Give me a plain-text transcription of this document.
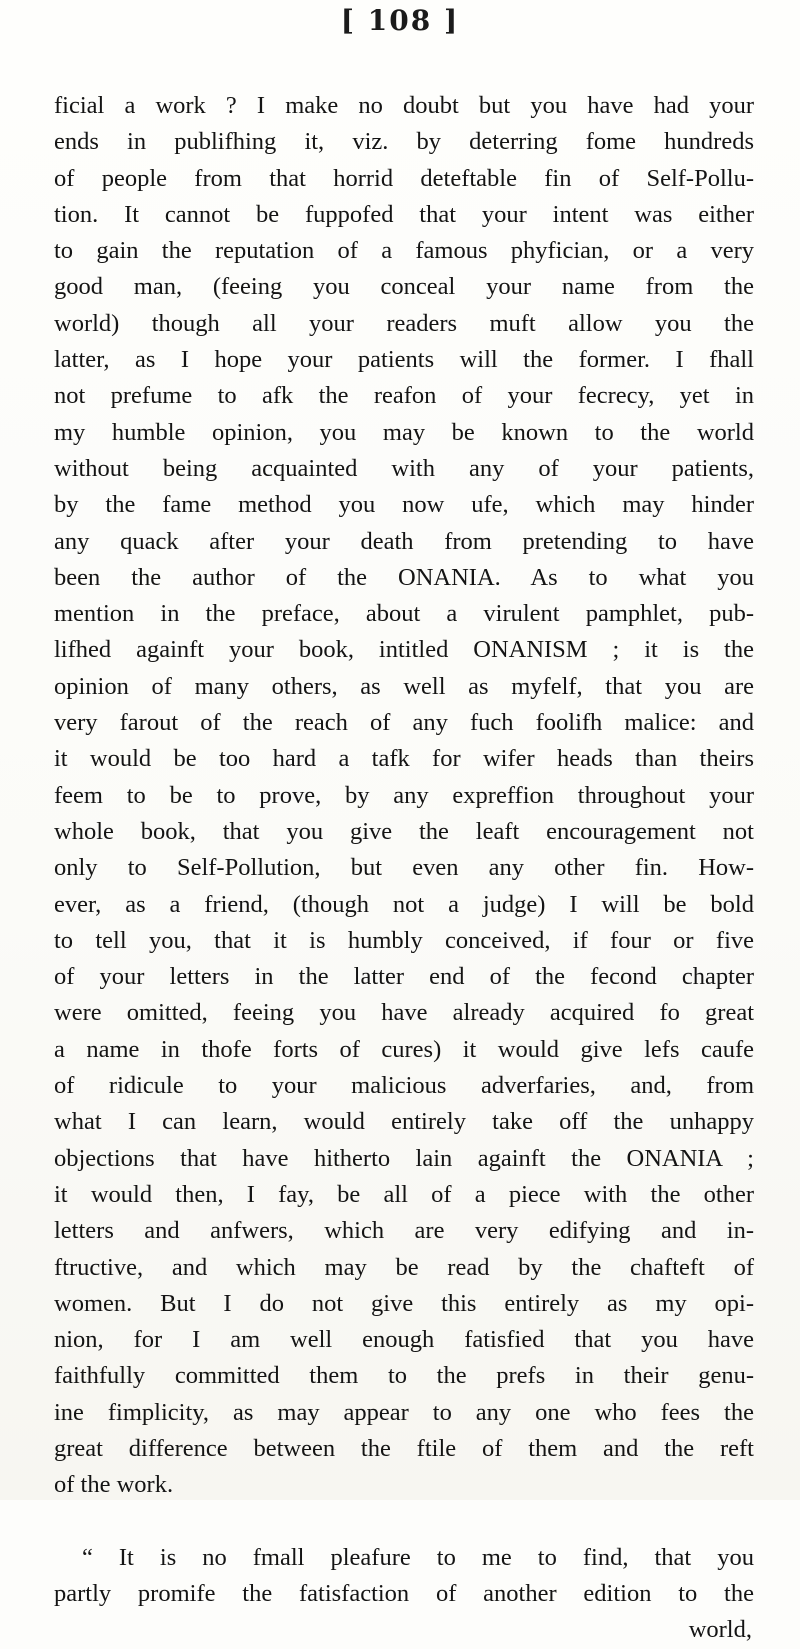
[ 108 ]
ficial a work ? I make no doubt but you have had your
ends in publifhing it, viz. by deterring fome hundreds
of people from that horrid deteftable fin of Self-Pollu-
tion. It cannot be fuppofed that your intent was either
to gain the reputation of a famous phyfician, or a very
good man, (feeing you conceal your name from the
world) though all your readers muft allow you the
latter, as I hope your patients will the former. I fhall
not prefume to afk the reafon of your fecrecy, yet in
my humble opinion, you may be known to the world
without being acquainted with any of your patients,
by the fame method you now ufe, which may hinder
any quack after your death from pretending to have
been the author of the ONANIA. As to what you
mention in the preface, about a virulent pamphlet, pub-
lifhed againft your book, intitled ONANISM ; it is the
opinion of many others, as well as myfelf, that you are
very farout of the reach of any fuch foolifh malice: and
it would be too hard a tafk for wifer heads than theirs
feem to be to prove, by any expreffion throughout your
whole book, that you give the leaft encouragement not
only to Self-Pollution, but even any other fin. How-
ever, as a friend, (though not a judge) I will be bold
to tell you, that it is humbly conceived, if four or five
of your letters in the latter end of the fecond chapter
were omitted, feeing you have already acquired fo great
a name in thofe forts of cures) it would give lefs caufe
of ridicule to your malicious adverfaries, and, from
what I can learn, would entirely take off the unhappy
objections that have hitherto lain againft the ONANIA ;
it would then, I fay, be all of a piece with the other
letters and anfwers, which are very edifying and in-
ftructive, and which may be read by the chafteft of
women. But I do not give this entirely as my opi-
nion, for I am well enough fatisfied that you have
faithfully committed them to the prefs in their genu-
ine fimplicity, as may appear to any one who fees the
great difference between the ftile of them and the reft
of the work.

“ It is no fmall pleafure to me to find, that you
partly promife the fatisfaction of another edition to the
world,
